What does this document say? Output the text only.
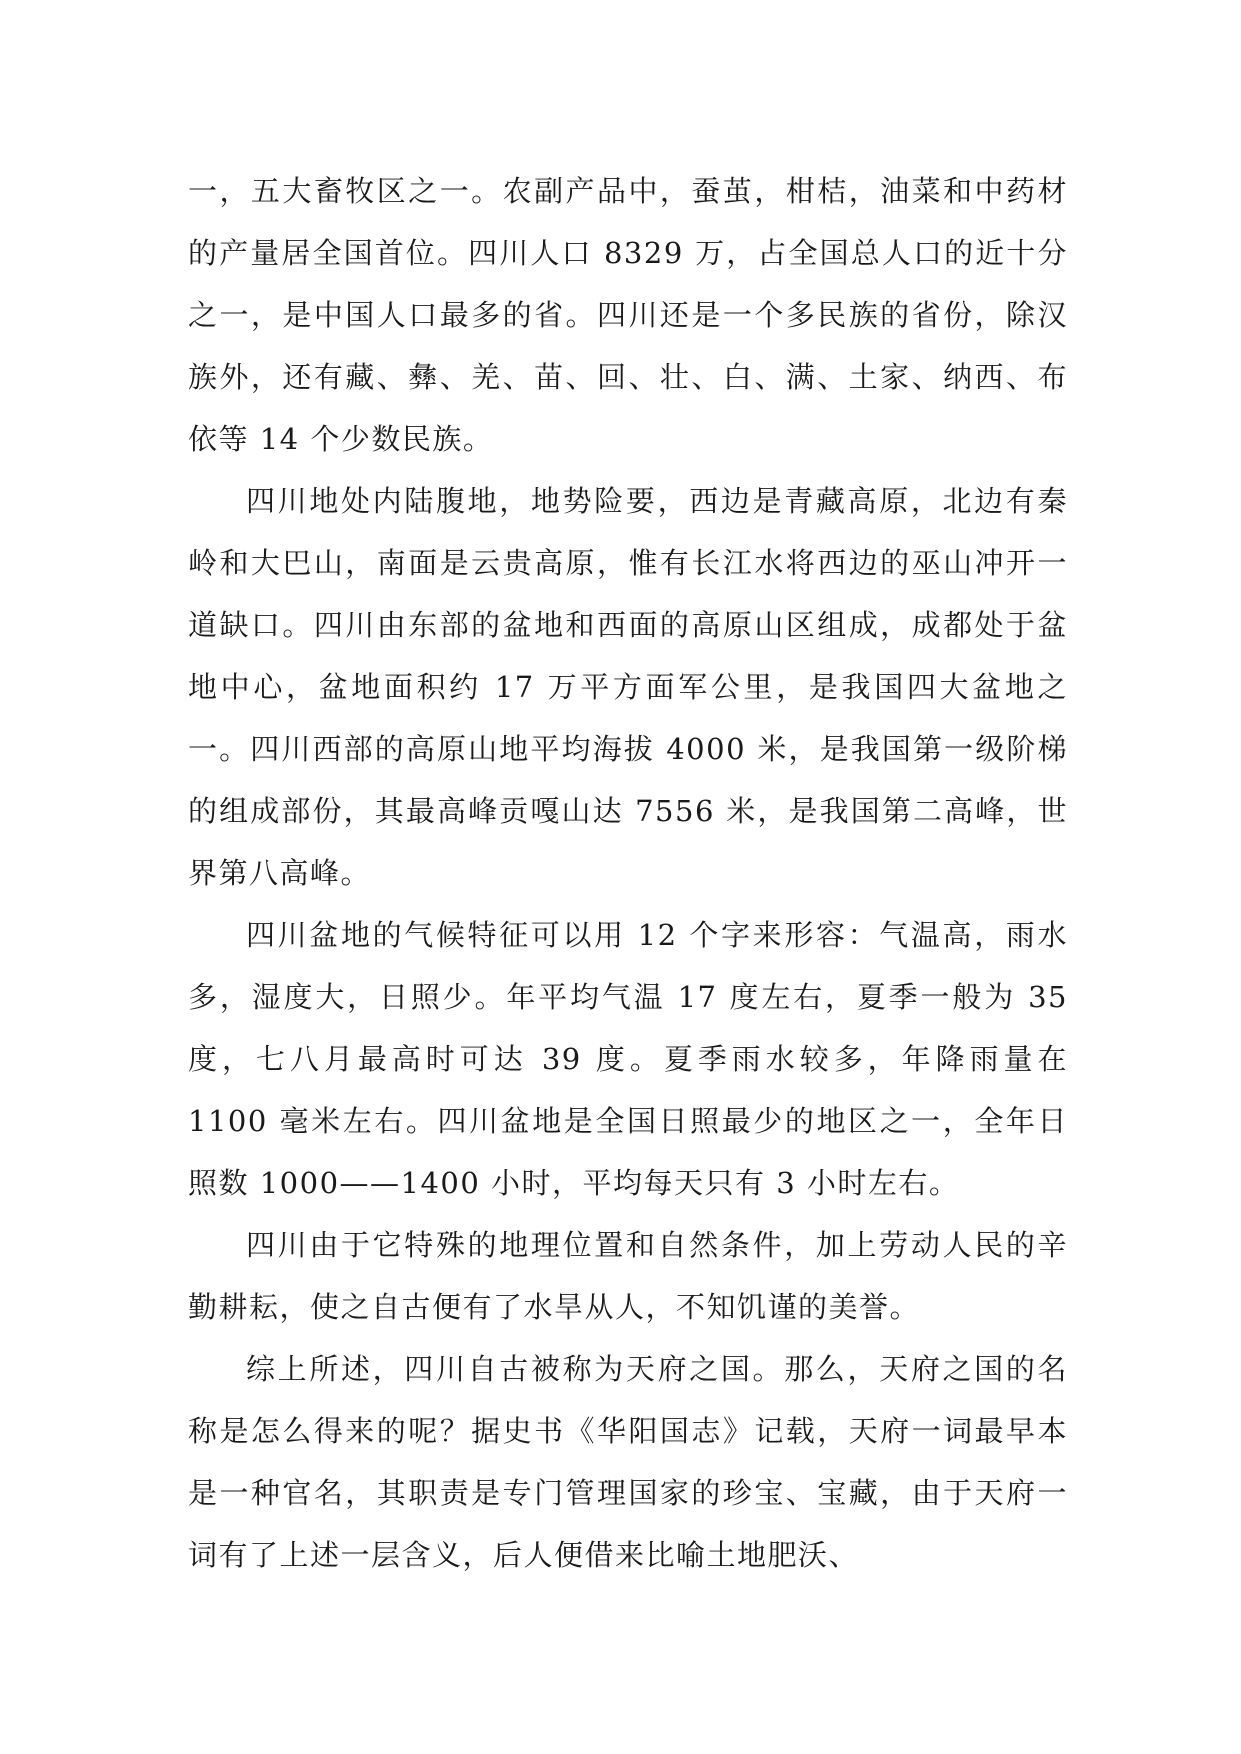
一，五大畜牧区之一。农副产品中，蚕茧，柑桔，油菜和中药材的产量居全国首位。四川人口 8329 万，占全国总人口的近十分之一，是中国人口最多的省。四川还是一个多民族的省份，除汉族外，还有藏、彝、羌、苗、回、壮、白、满、土家、纳西、布依等 14 个少数民族。

四川地处内陆腹地，地势险要，西边是青藏高原，北边有秦岭和大巴山，南面是云贵高原，惟有长江水将西边的巫山冲开一道缺口。四川由东部的盆地和西面的高原山区组成，成都处于盆地中心，盆地面积约 17 万平方面军公里，是我国四大盆地之一。四川西部的高原山地平均海拔 4000 米，是我国第一级阶梯的组成部份，其最高峰贡嘎山达 7556 米，是我国第二高峰，世界第八高峰。

四川盆地的气候特征可以用 12 个字来形容：气温高，雨水多，湿度大，日照少。年平均气温 17 度左右，夏季一般为 35 度，七八月最高时可达 39 度。夏季雨水较多，年降雨量在 1100 毫米左右。四川盆地是全国日照最少的地区之一，全年日照数 1000——1400 小时，平均每天只有 3 小时左右。

四川由于它特殊的地理位置和自然条件，加上劳动人民的辛勤耕耘，使之自古便有了水旱从人，不知饥谨的美誉。

综上所述，四川自古被称为天府之国。那么，天府之国的名称是怎么得来的呢？据史书《华阳国志》记载，天府一词最早本是一种官名，其职责是专门管理国家的珍宝、宝藏，由于天府一词有了上述一层含义，后人便借来比喻土地肥沃、
